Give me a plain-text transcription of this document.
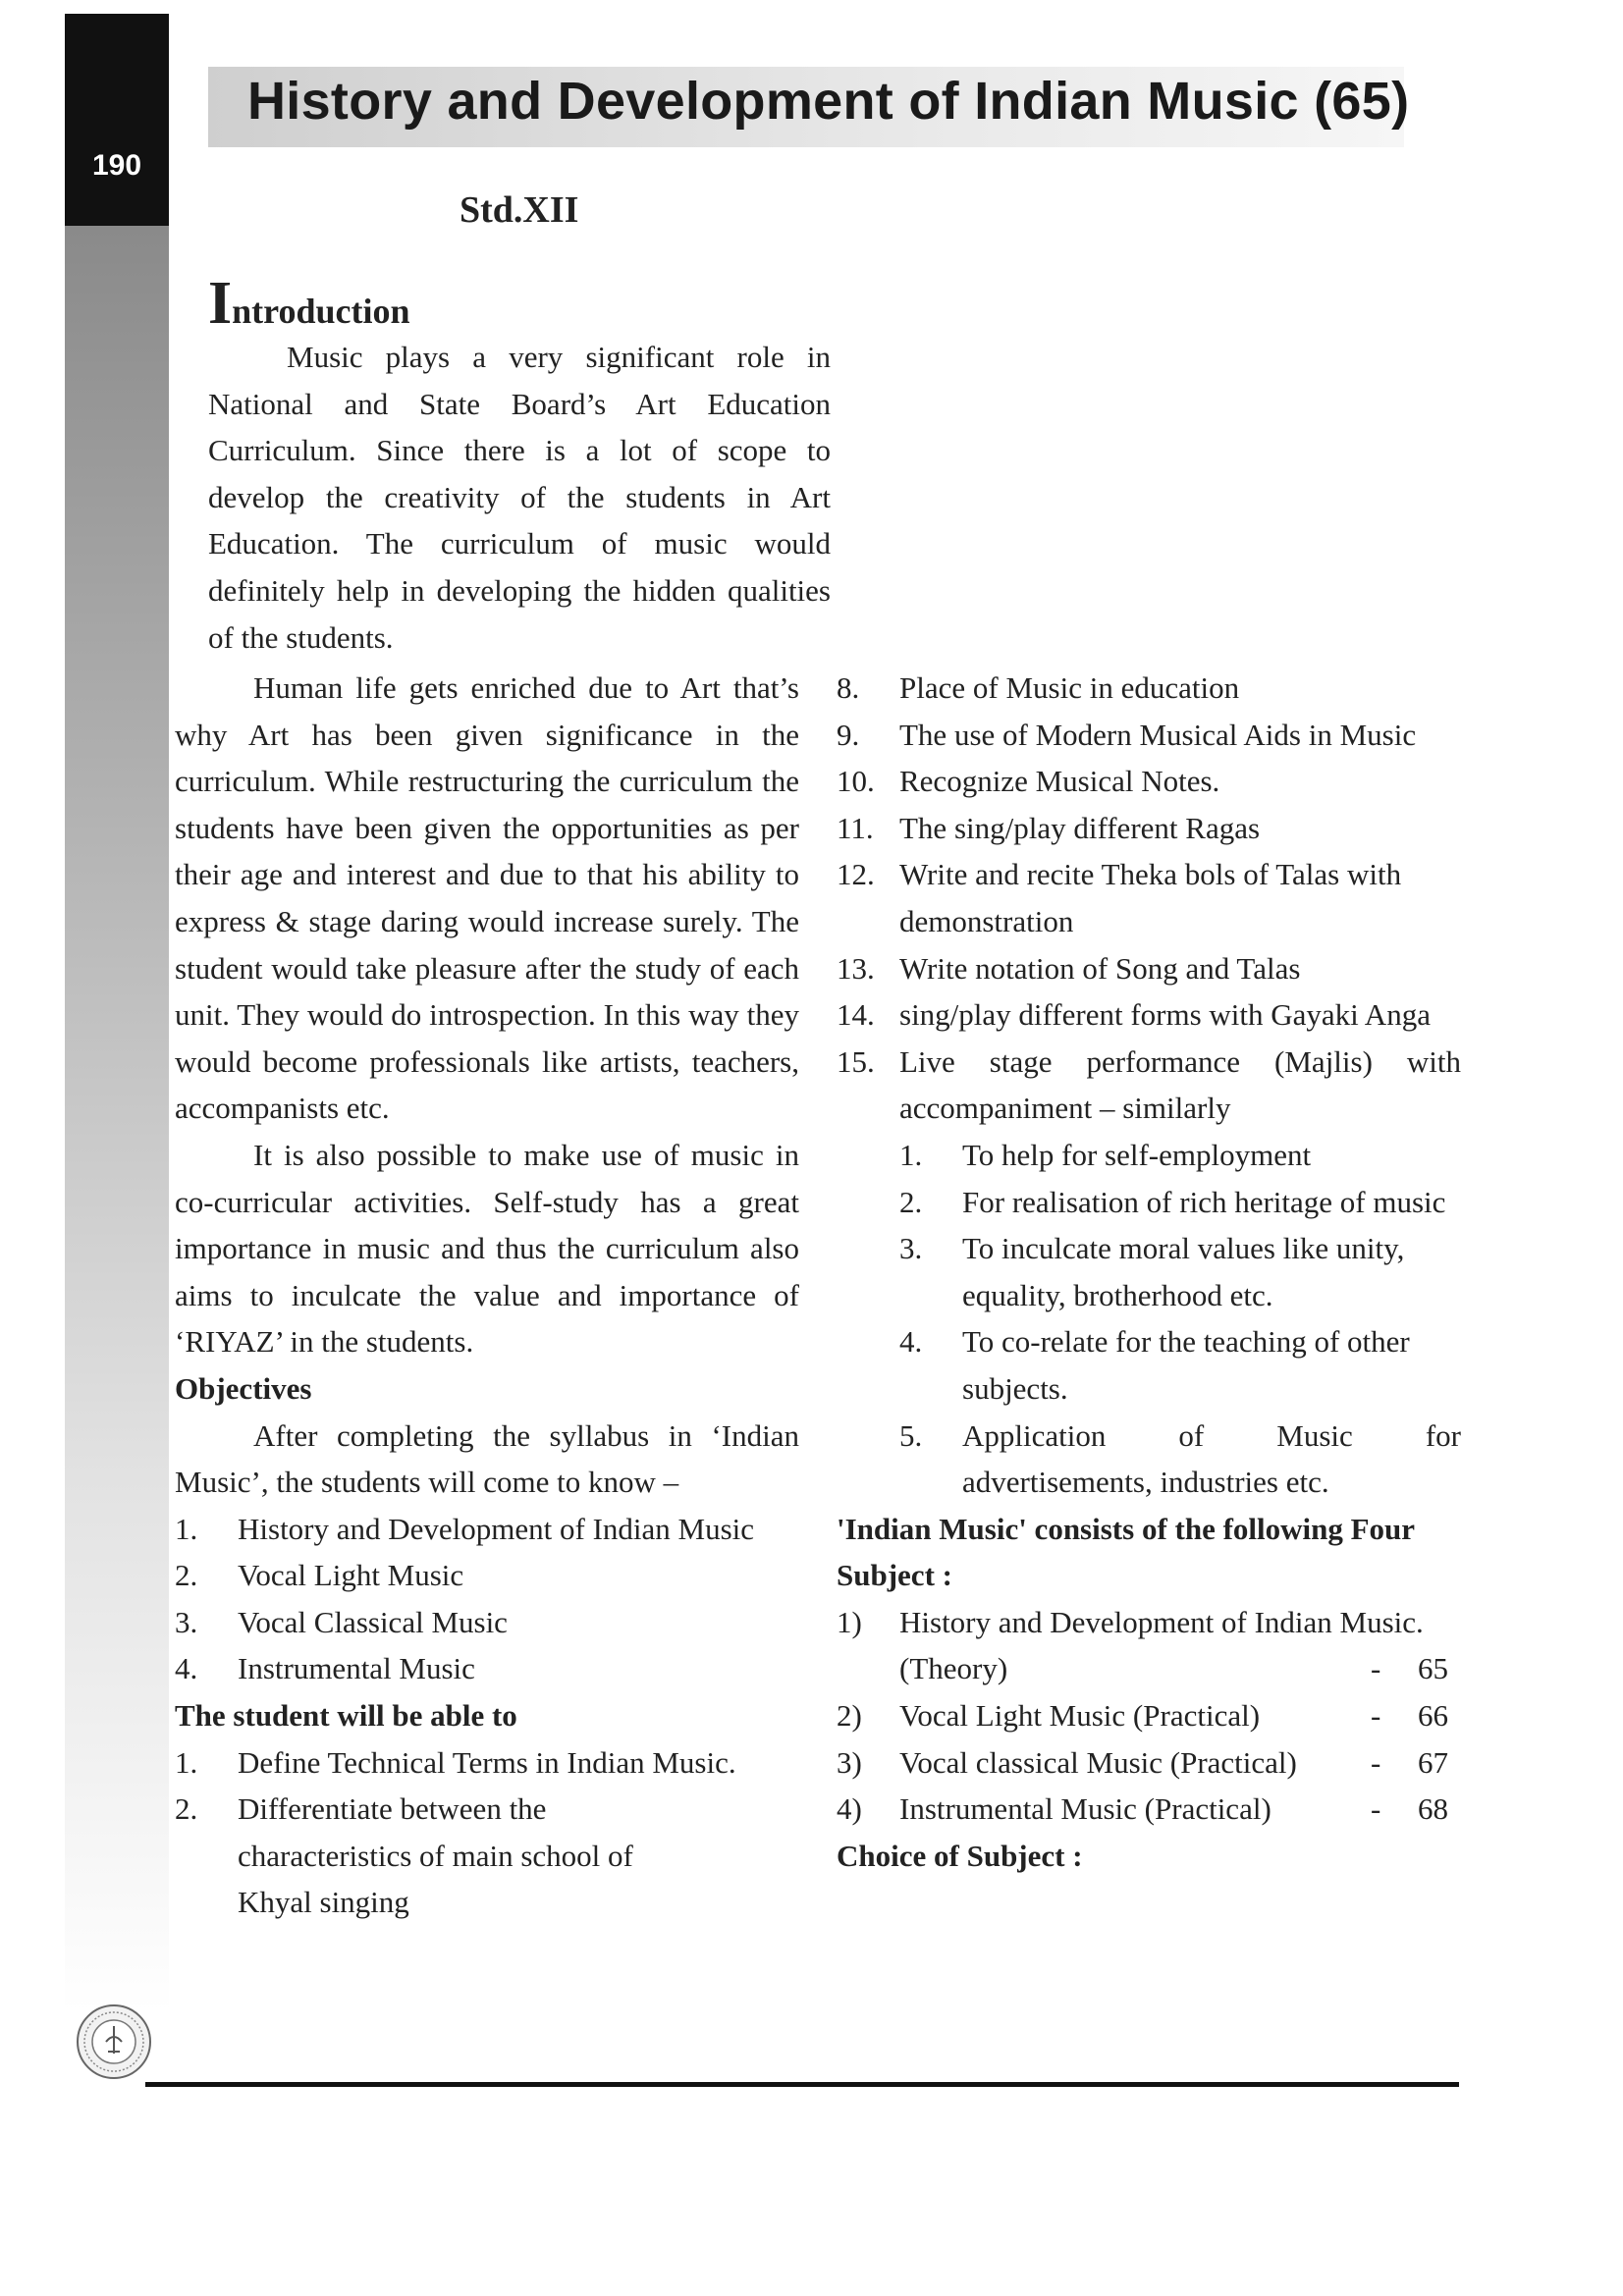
190
History and Development of Indian Music (65)
Std.XII
Introduction

Music plays a very significant role in National and State Board’s Art Education Curriculum. Since there is a lot of scope to develop the creativity of the students in Art Education. The curriculum of music would definitely help in developing the hidden qualities of the students.

Human life gets enriched due to Art that’s why Art has been given significance in the curriculum. While restructuring the curriculum the students have been given the opportunities as per their age and interest and due to that his ability to express & stage daring would increase surely. The student would take pleasure after the study of each unit. They would do introspection. In this way they would become professionals like artists, teachers, accompanists etc.

It is also possible to make use of music in co-curricular activities. Self-study has a great importance in music and thus the curriculum also aims to inculcate the value and importance of ‘RIYAZ’ in the students.

Objectives

After completing the syllabus in ‘Indian Music’, the students will come to know –

1. History and Development of Indian Music
2. Vocal Light Music
3. Vocal Classical Music
4. Instrumental Music

The student will be able to

1. Define Technical Terms in Indian Music.
2. Differentiate between the characteristics of main school of Khyal singing
8. Place of Music in education
9. The use of Modern Musical Aids in Music
10. Recognize Musical Notes.
11. The sing/play different Ragas
12. Write and recite Theka bols of Talas with demonstration
13. Write notation of Song and Talas
14. sing/play different forms with Gayaki Anga
15. Live stage performance (Majlis) with accompaniment – similarly
1. To help for self-employment
2. For realisation of rich heritage of music
3. To inculcate moral values like unity, equality, brotherhood etc.
4. To co-relate for the teaching of other subjects.
5. Application of Music for advertisements, industries etc.

'Indian Music' consists of the following Four Subject :

1) History and Development of Indian Music.
(Theory)	- 65
2) Vocal Light Music (Practical)	- 66
3) Vocal classical Music (Practical) - 67
4) Instrumental Music (Practical)	- 68

Choice of Subject :
